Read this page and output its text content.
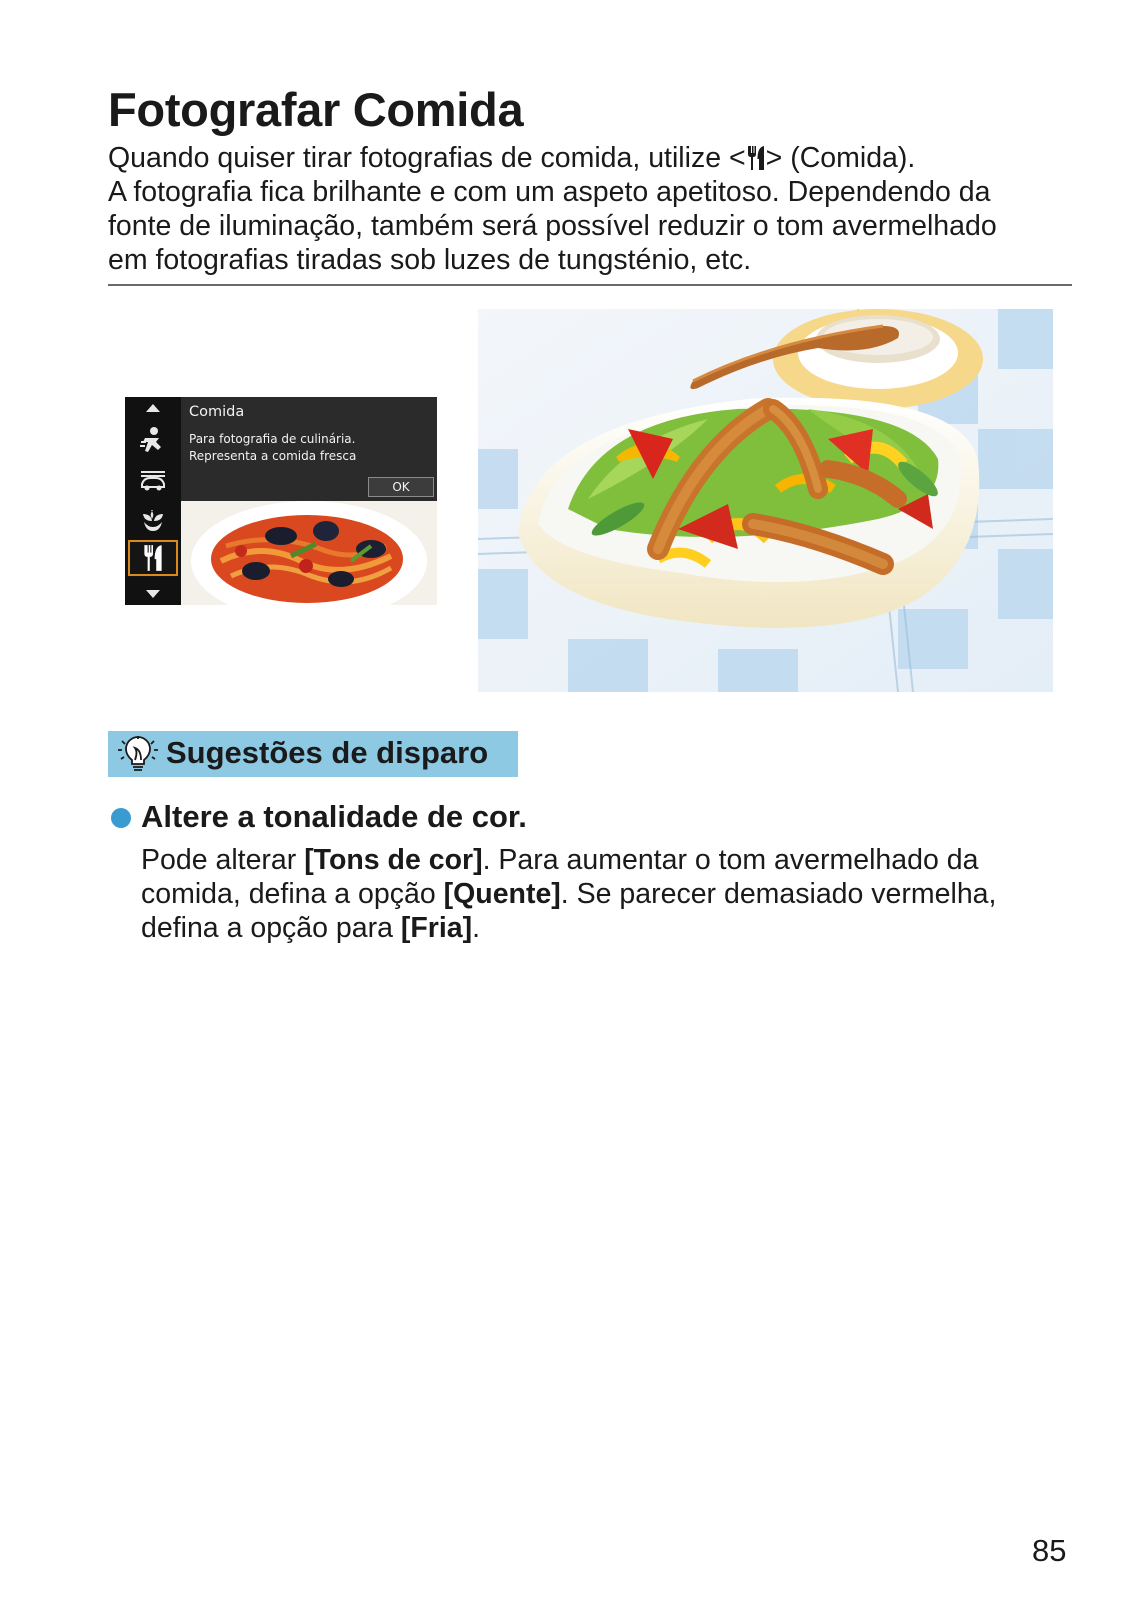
Fotografar Comida

Quando quiser tirar fotografias de comida, utilize < > (Comida).

A fotografia fica brilhante e com um aspeto apetitoso. Dependendo da

fonte de iluminação, também será possível reduzir o tom avermelhado

em fotografias tiradas sob luzes de tungsténio, etc.

Comida
Para fotografia de culinária.
Representa a comida fresca
OK
Sugestões de disparo
Altere a tonalidade de cor.

Pode alterar [Tons de cor]. Para aumentar o tom avermelhado da

comida, defina a opção [Quente]. Se parecer demasiado vermelha,

defina a opção para [Fria].

85
